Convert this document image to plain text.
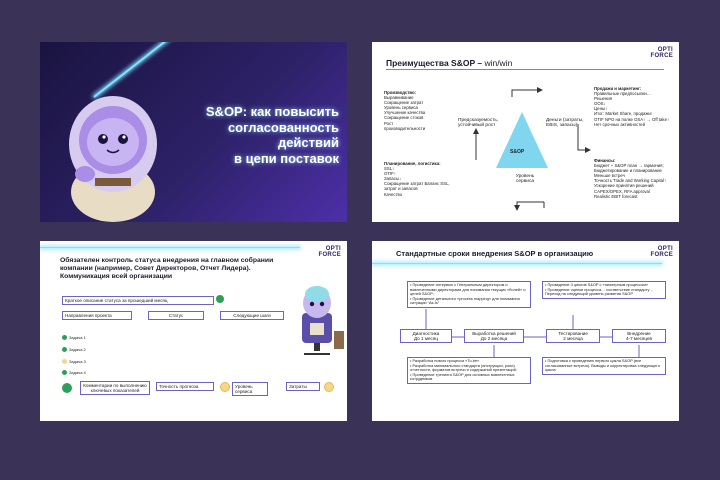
S&OP: как повысить
согласованность
действий
в цепи поставок
OPTI
FORCE
Преимущества S&OP – win/win
Производство:
Выравнивание
Сокращение затрат
Уровень сервиса
Улучшение качества
Сокращение стоков
Рост
производительности
Планирование, логистика:
SSL↑
OTIF↑
Запасы↓
Сокращение затрат Баланс SSL,
затрат и запасов
Качество
Продажи и маркетинг:
Правильные предпосылки…
Решения
OOS↓
Цены↑
Итог: Market Share, продажи↑
OTIF NPO на полке OSA↑ → Off take↑
Нет срочных активностей
Финансы:
Бюджет + S&OP план → гармония;
Бюджетирование и планирование
Меньше встреч
Точность Trade and Working Capital↑
Ускорение принятия решений
CAPEX/OPEX, RFA approval
Realistic EBIT forecast
S&OP
Предсказуемость, устойчивый рост
Деньги (затраты, EBIS, запасы)
Уровень сервиса
OPTI
FORCE
Обязателен контроль статуса внедрения на главном собрании компании (например, Совет Директоров, Отчет Лидера). Коммуникация всей организации
Краткое описание статуса за прошедший месяц
Направления проекта	Статус	Следующие шаги
Задача 1
Задача 2
Задача 3
Задача 4
Комментарии по выполнению ключевых показателей
Точность прогноза	Уровень сервиса
Затраты
OPTI
FORCE
Стандартные сроки внедрения S&OP в организацию
• Проведение интервью с Генеральным директором и вовлеченными директорами для понимания текущих «болей» и целей S&OP;
• Проведение детального «process mapping» для понимания ситуации “As-Is”
• Проведение 3 циклов S&OP с «пионерным процессом»
• Проведение оценки процесса… соответствие стандарту…
Переход на следующий уровень развития S&OP
Диагностика
До 1 месяц
Выработка решений
До 2 месяца
Тестирование
2 месяца
Внедрение
4-7 месяцев
• Разработка нового процесса «To-be»
• Разработка минимального стандарта (инструкции, роли) отчетности, форматов встречи и содержаний презентаций;
• Проведение тренинга S&OP для основных вовлеченных сотрудников
• Подготовка к проведению первого цикла S&OP (все согласованные встречи). Выводы и корректировка следующего цикла
